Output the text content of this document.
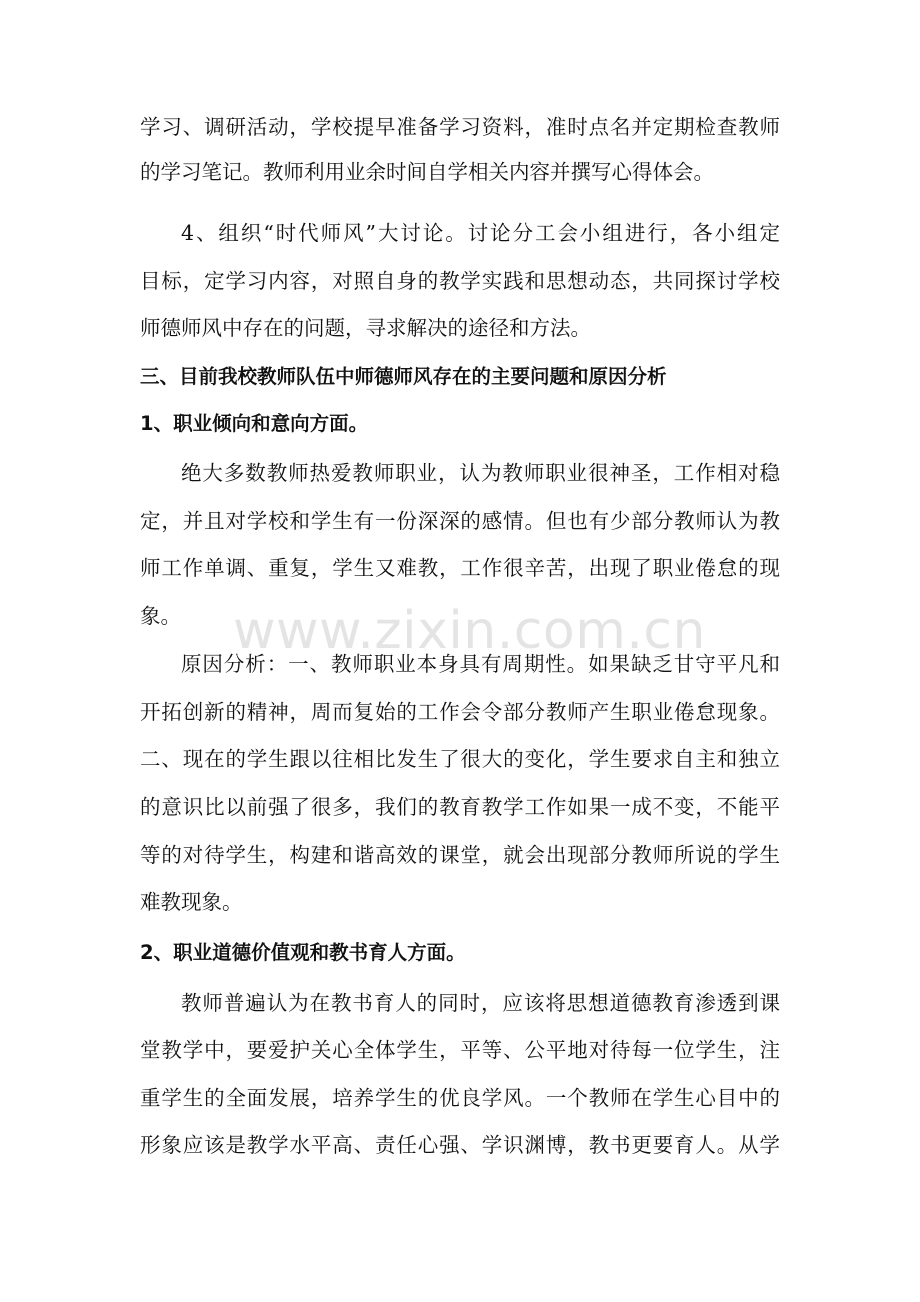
学习、调研活动，学校提早准备学习资料，准时点名并定期检查教师
的学习笔记。教师利用业余时间自学相关内容并撰写心得体会。
4、组织“时代师风”大讨论。讨论分工会小组进行，各小组定
目标，定学习内容，对照自身的教学实践和思想动态，共同探讨学校
师德师风中存在的问题，寻求解决的途径和方法。
三、目前我校教师队伍中师德师风存在的主要问题和原因分析
1、职业倾向和意向方面。
绝大多数教师热爱教师职业，认为教师职业很神圣，工作相对稳
定，并且对学校和学生有一份深深的感情。但也有少部分教师认为教
师工作单调、重复，学生又难教，工作很辛苦，出现了职业倦怠的现
象。
原因分析：一、教师职业本身具有周期性。如果缺乏甘守平凡和
开拓创新的精神，周而复始的工作会令部分教师产生职业倦怠现象。
二、现在的学生跟以往相比发生了很大的变化，学生要求自主和独立
的意识比以前强了很多，我们的教育教学工作如果一成不变，不能平
等的对待学生，构建和谐高效的课堂，就会出现部分教师所说的学生
难教现象。
2、职业道德价值观和教书育人方面。
教师普遍认为在教书育人的同时，应该将思想道德教育渗透到课
堂教学中，要爱护关心全体学生，平等、公平地对待每一位学生，注
重学生的全面发展，培养学生的优良学风。一个教师在学生心目中的
形象应该是教学水平高、责任心强、学识渊博，教书更要育人。从学
www.zixin.com.cn
